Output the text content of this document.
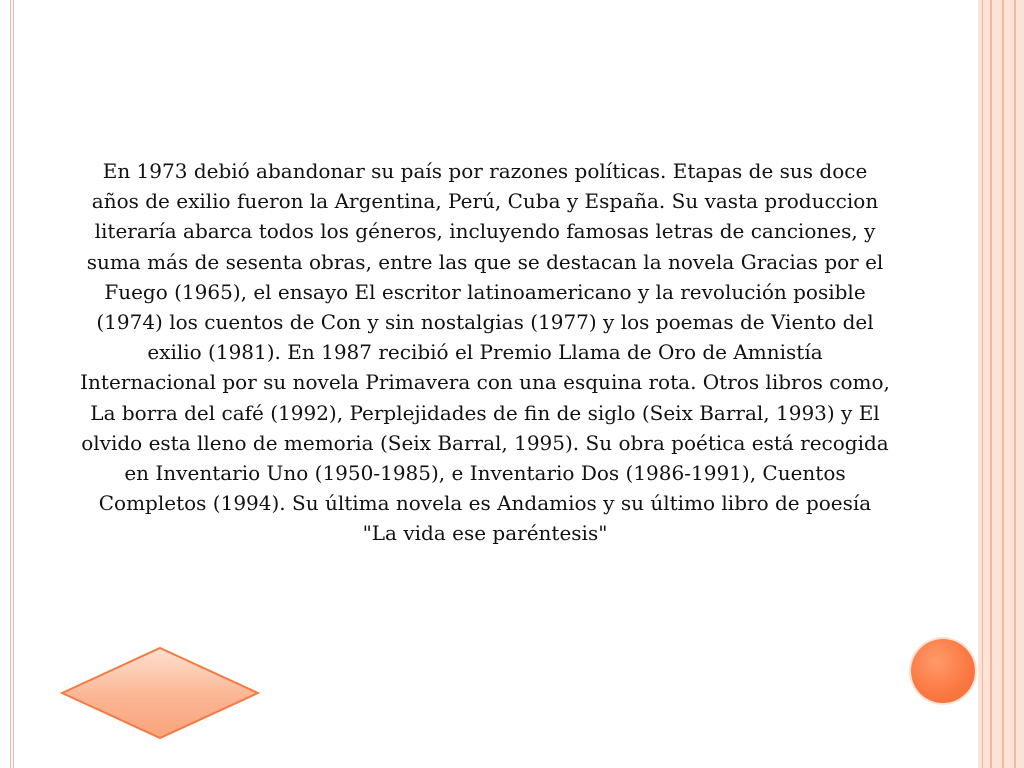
En 1973 debió abandonar su país por razones políticas. Etapas de sus doce años de exilio fueron la Argentina, Perú, Cuba y España. Su vasta produccion literaría abarca todos los géneros, incluyendo famosas letras de canciones, y suma más de sesenta obras, entre las que se destacan la novela Gracias por el Fuego (1965), el ensayo El escritor latinoamericano y la revolución posible (1974) los cuentos de Con y sin nostalgias (1977) y los poemas de Viento del exilio (1981). En 1987 recibió el Premio Llama de Oro de Amnistía Internacional por su novela Primavera con una esquina rota. Otros libros como, La borra del café (1992), Perplejidades de fin de siglo (Seix Barral, 1993) y El olvido esta lleno de memoria (Seix Barral, 1995). Su obra poética está recogida en Inventario Uno (1950-1985), e Inventario Dos (1986-1991), Cuentos Completos (1994). Su última novela es Andamios y su último libro de poesía "La vida ese paréntesis"
